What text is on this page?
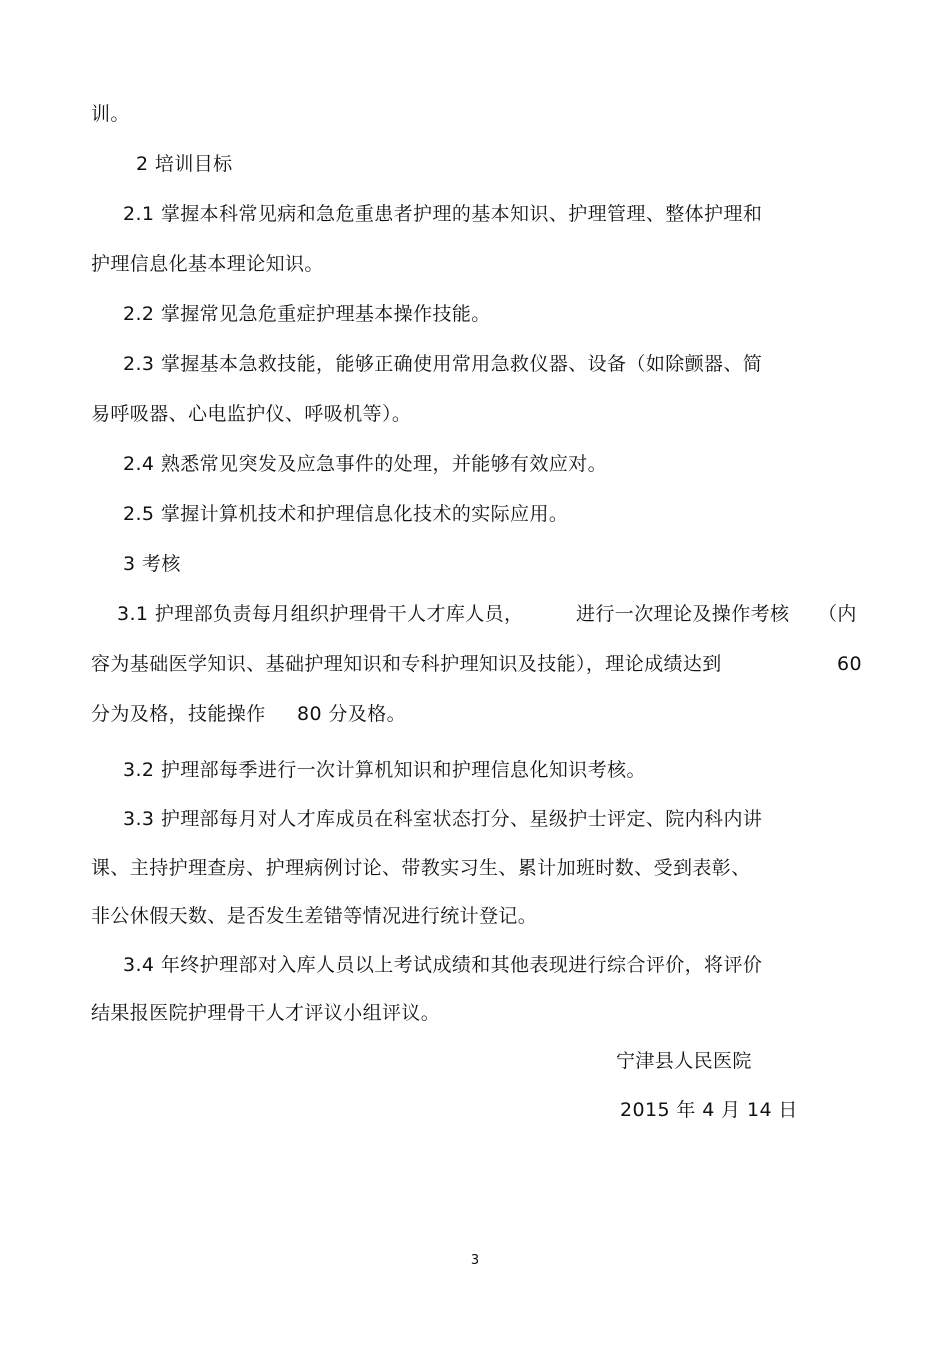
训。

2 培训目标

2.1 掌握本科常见病和急危重患者护理的基本知识、护理管理、整体护理和

护理信息化基本理论知识。

2.2 掌握常见急危重症护理基本操作技能。

2.3 掌握基本急救技能，能够正确使用常用急救仪器、设备（如除颤器、简

易呼吸器、心电监护仪、呼吸机等）。

2.4 熟悉常见突发及应急事件的处理，并能够有效应对。

2.5 掌握计算机技术和护理信息化技术的实际应用。

3 考核

3.1 护理部负责每月组织护理骨干人才库人员，	进行一次理论及操作考核 （内

容为基础医学知识、基础护理知识和专科护理知识及技能），理论成绩达到	60

分为及格，技能操作 80 分及格。

3.2 护理部每季进行一次计算机知识和护理信息化知识考核。

3.3 护理部每月对人才库成员在科室状态打分、星级护士评定、院内科内讲

课、主持护理查房、护理病例讨论、带教实习生、累计加班时数、受到表彰、

非公休假天数、是否发生差错等情况进行统计登记。

3.4 年终护理部对入库人员以上考试成绩和其他表现进行综合评价，将评价

结果报医院护理骨干人才评议小组评议。

宁津县人民医院

2015 年 4 月 14 日

3
